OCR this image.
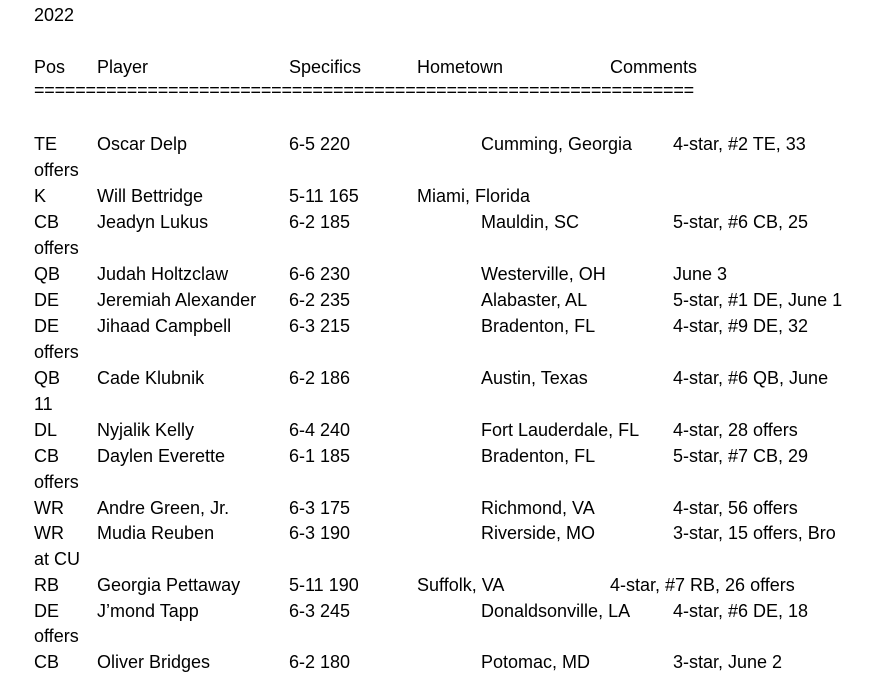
2022
Pos Player	Specifics	Hometown	Comments
================================================================
TE Oscar Delp	6-5 220	Cumming, Georgia 4-star, #2 TE, 33
offers
K	Will Bettridge	5-11 165	Miami, Florida
CB Jeadyn Lukus	6-2 185	Mauldin, SC	5-star, #6 CB, 25
offers
QB Judah Holtzclaw	6-6 230	Westerville, OH	June 3
DE Jeremiah Alexander 6-2 235	Alabaster, AL	5-star, #1 DE, June 1
DE Jihaad Campbell	6-3 215	Bradenton, FL	4-star, #9 DE, 32
offers
QB Cade Klubnik	6-2 186	Austin, Texas	4-star, #6 QB, June
11
DL Nyjalik Kelly	6-4 240	Fort Lauderdale, FL 4-star, 28 offers
CB Daylen Everette	6-1 185	Bradenton, FL	5-star, #7 CB, 29
offers
WR Andre Green, Jr.	6-3 175	Richmond, VA	4-star, 56 offers
WR Mudia Reuben	6-3 190	Riverside, MO	3-star, 15 offers, Bro
at CU
RB Georgia Pettaway	5-11 190	Suffolk, VA	4-star, #7 RB, 26 offers
DE J’mond Tapp	6-3 245	Donaldsonville, LA 4-star, #6 DE, 18
offers
CB Oliver Bridges	6-2 180	Potomac, MD	3-star, June 2
